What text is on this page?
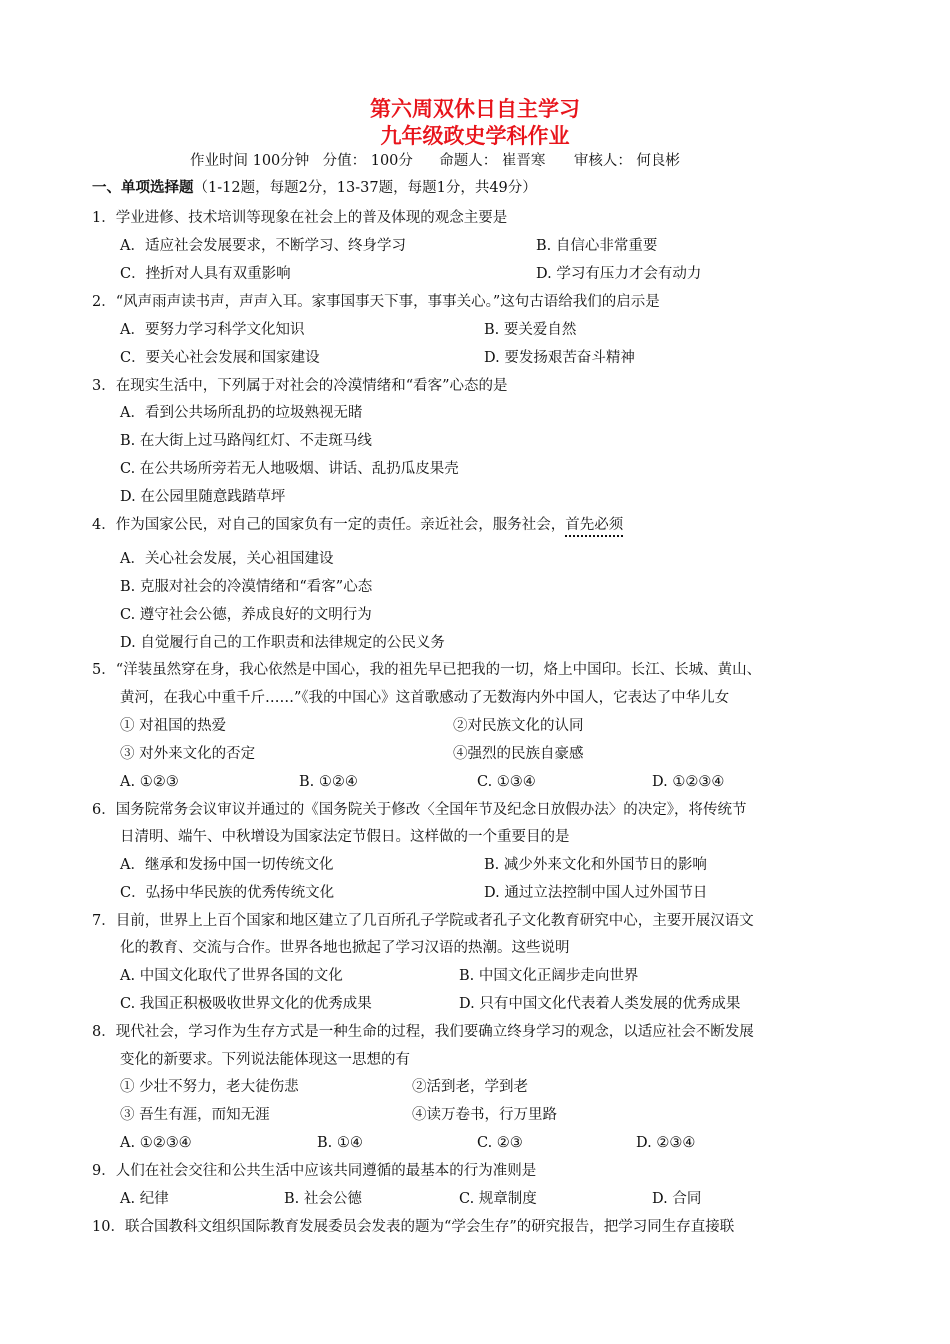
第六周双休日自主学习
九年级政史学科作业
作业时间 100分钟 分值： 100分 命题人： 崔晋寒 审核人： 何良彬
一、单项选择题（1-12题，每题2分，13-37题，每题1分，共49分）
1．学业进修、技术培训等现象在社会上的普及体现的观念主要是
A．适应社会发展要求，不断学习、终身学习	B. 自信心非常重要
C．挫折对人具有双重影响	D. 学习有压力才会有动力
2．“风声雨声读书声，声声入耳。家事国事天下事，事事关心。”这句古语给我们的启示是
A．要努力学习科学文化知识	B. 要关爱自然
C．要关心社会发展和国家建设	D. 要发扬艰苦奋斗精神
3．在现实生活中，下列属于对社会的冷漠情绪和“看客”心态的是
A．看到公共场所乱扔的垃圾熟视无睹
B. 在大街上过马路闯红灯、不走斑马线
C. 在公共场所旁若无人地吸烟、讲话、乱扔瓜皮果壳
D. 在公园里随意践踏草坪
4．作为国家公民，对自己的国家负有一定的责任。亲近社会，服务社会，首先必须
A．关心社会发展，关心祖国建设
B. 克服对社会的冷漠情绪和“看客”心态
C. 遵守社会公德，养成良好的文明行为
D. 自觉履行自己的工作职责和法律规定的公民义务
5．“洋装虽然穿在身，我心依然是中国心，我的祖先早已把我的一切，烙上中国印。长江、长城、黄山、
黄河，在我心中重千斤……”《我的中国心》这首歌感动了无数海内外中国人，它表达了中华儿女
① 对祖国的热爱	②对民族文化的认同
③ 对外来文化的否定	④强烈的民族自豪感
A. ①②③	B. ①②④	C. ①③④	D. ①②③④
6．国务院常务会议审议并通过的《国务院关于修改〈全国年节及纪念日放假办法〉的决定》，将传统节
日清明、端午、中秋增设为国家法定节假日。这样做的一个重要目的是
A．继承和发扬中国一切传统文化	B. 减少外来文化和外国节日的影响
C．弘扬中华民族的优秀传统文化	D. 通过立法控制中国人过外国节日
7．目前，世界上上百个国家和地区建立了几百所孔子学院或者孔子文化教育研究中心，主要开展汉语文
化的教育、交流与合作。世界各地也掀起了学习汉语的热潮。这些说明
A. 中国文化取代了世界各国的文化	B. 中国文化正阔步走向世界
C. 我国正积极吸收世界文化的优秀成果	D. 只有中国文化代表着人类发展的优秀成果
8．现代社会，学习作为生存方式是一种生命的过程，我们要确立终身学习的观念，以适应社会不断发展
变化的新要求。下列说法能体现这一思想的有
① 少壮不努力，老大徒伤悲	②活到老，学到老
③ 吾生有涯，而知无涯	④读万卷书，行万里路
A. ①②③④	B. ①④	C. ②③	D. ②③④
9．人们在社会交往和公共生活中应该共同遵循的最基本的行为准则是
A. 纪律	B. 社会公德	C. 规章制度	D. 合同
10．联合国教科文组织国际教育发展委员会发表的题为“学会生存”的研究报告，把学习同生存直接联
